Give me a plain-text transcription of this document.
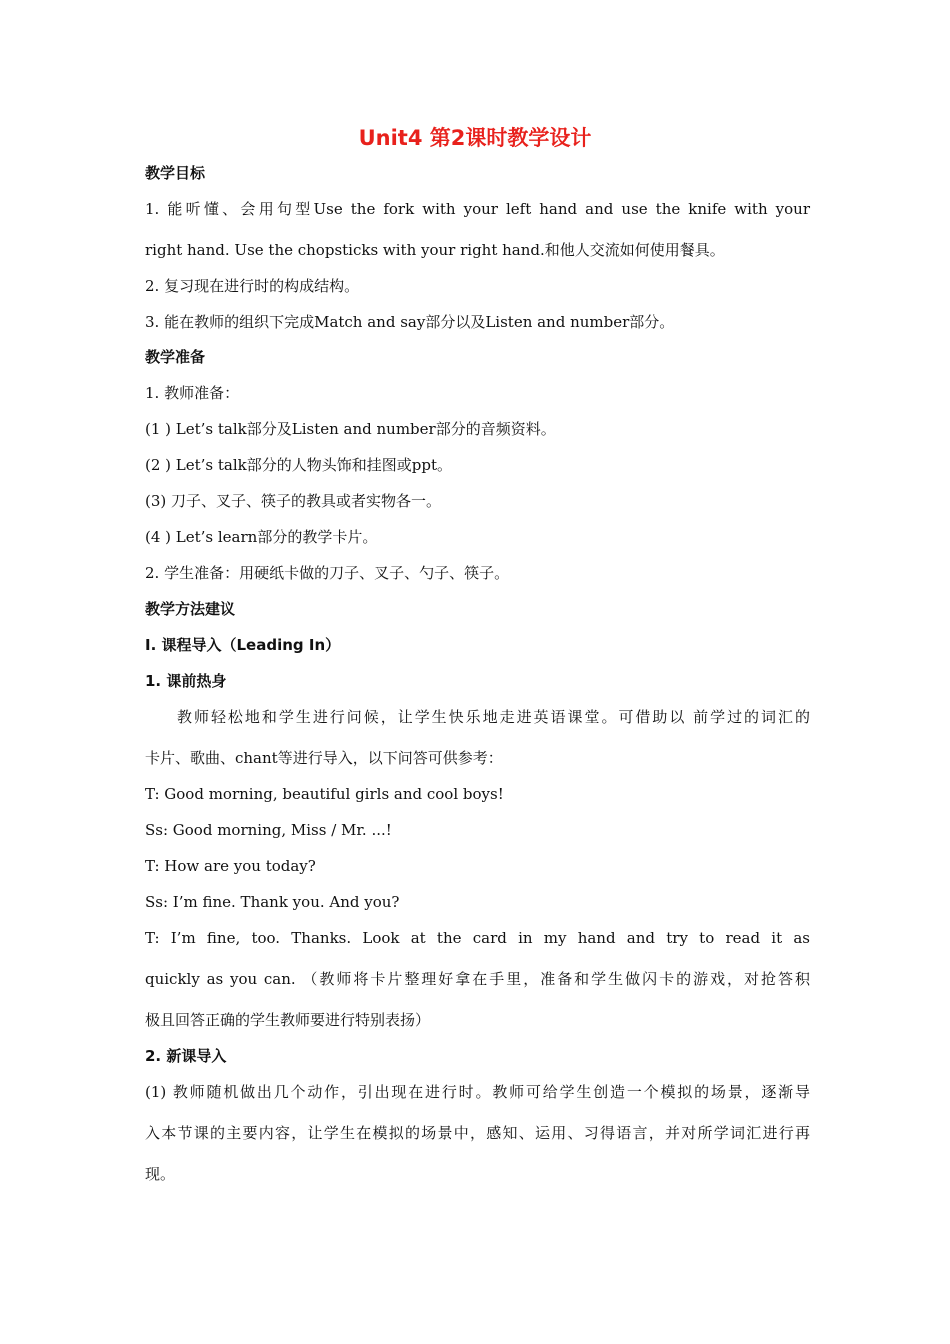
Unit4 第2课时教学设计
教学目标
1. 能听懂、会用句型Use the fork with your left hand and use the knife with your
right hand. Use the chopsticks with your right hand.和他人交流如何使用餐具。
2. 复习现在进行时的构成结构。
3. 能在教师的组织下完成Match and say部分以及Listen and number部分。
教学准备
1. 教师准备：
(1 ) Let’s talk部分及Listen and number部分的音频资料。
(2 ) Let’s talk部分的人物头饰和挂图或ppt。
(3) 刀子、叉子、筷子的教具或者实物各一。
(4 ) Let’s learn部分的教学卡片。
2. 学生准备：用硬纸卡做的刀子、叉子、勺子、筷子。
教学方法建议
I. 课程导入（Leading In）
1. 课前热身
教师轻松地和学生进行问候，让学生快乐地走进英语课堂。可借助以 前学过的词汇的
卡片、歌曲、chant等进行导入，以下问答可供参考：
T: Good morning, beautiful girls and cool boys!
Ss: Good morning, Miss / Mr. ...!
T: How are you today?
Ss: I’m fine. Thank you. And you?
T: I’m fine, too. Thanks. Look at the card in my hand and try to read it as
quickly as you can. （教师将卡片整理好拿在手里，准备和学生做闪卡的游戏，对抢答积
极且回答正确的学生教师要进行特别表扬）
2. 新课导入
(1) 教师随机做出几个动作，引出现在进行时。教师可给学生创造一个模拟的场景，逐渐导
入本节课的主要内容，让学生在模拟的场景中，感知、运用、习得语言，并对所学词汇进行再
现。
